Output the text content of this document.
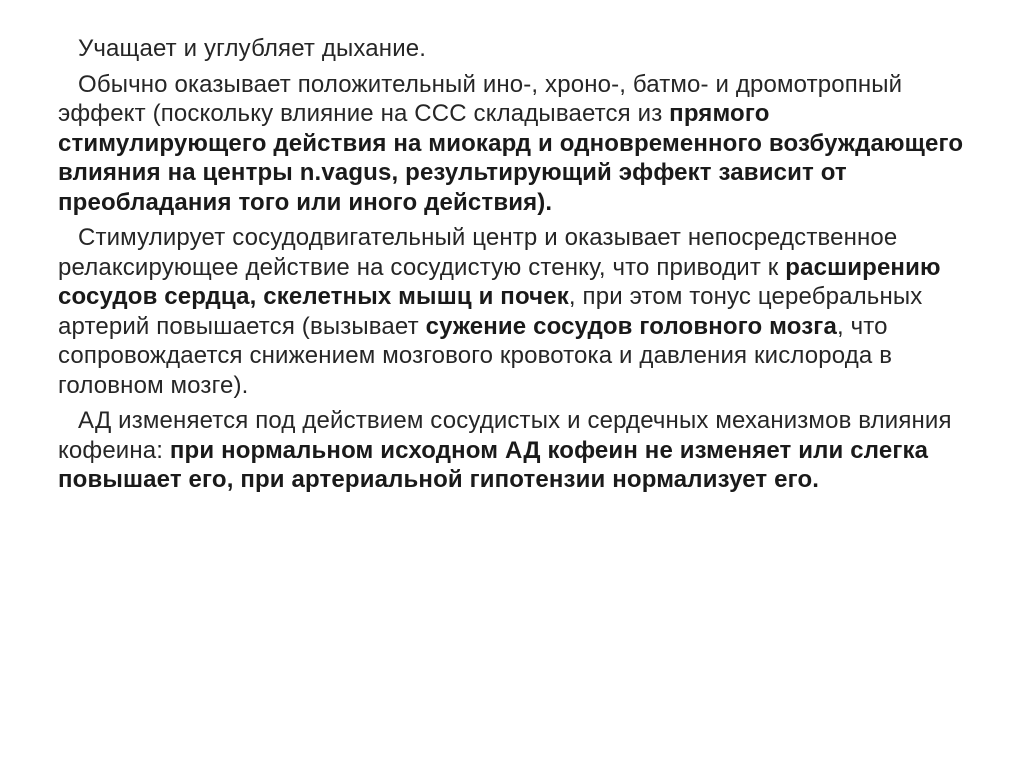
Учащает и углубляет дыхание.

Обычно оказывает положительный ино-, хроно-, батмо- и дромотропный эффект (поскольку влияние на ССС складывается из прямого стимулирующего действия на миокард и одновременного возбуждающего влияния на центры n.vagus, результирующий эффект зависит от преобладания того или иного действия).

Стимулирует сосудодвигательный центр и оказывает непосредственное релаксирующее действие на сосудистую стенку, что приводит к расширению сосудов сердца, скелетных мышц и почек, при этом тонус церебральных артерий повышается (вызывает сужение сосудов головного мозга, что сопровождается снижением мозгового кровотока и давления кислорода в головном мозге).

АД изменяется под действием сосудистых и сердечных механизмов влияния кофеина: при нормальном исходном АД кофеин не изменяет или слегка повышает его, при артериальной гипотензии нормализует его.
